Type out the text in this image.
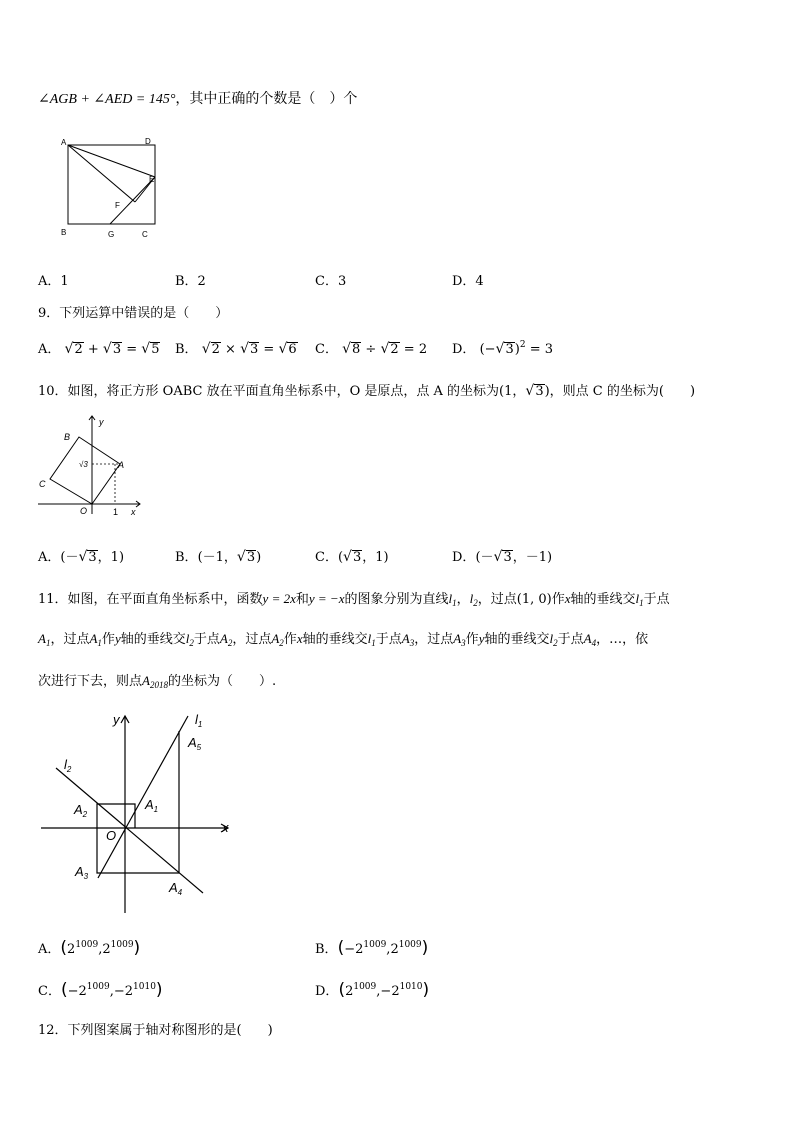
∠AGB + ∠AED = 145°，其中正确的个数是（　）个
A	D
E
F
B	G	C
A．1	B．2	C．3	D．4
9．下列运算中错误的是（　　）
A． √2 + √3 = √5 B． √2 × √3 = √6 C． √8 ÷ √2 = 2 D． $(-√3)^2 = 3$
10．如图，将正方形 OABC 放在平面直角坐标系中，O 是原点，点 A 的坐标为(1，√3)，则点 C 的坐标为(　　)
y
B
√3	A
C
O	1 x
A．(－√3，1)	B．(－1，√3)	C．(√3，1)	D．(－√3，－1)
11．如图，在平面直角坐标系中，函数y = 2x和y = −x的图象分别为直线$l_1$，$l_2$，过点(1, 0)作x轴的垂线交$l_1$于点
$A_1$，过点$A_1$作y轴的垂线交$l_2$于点$A_2$，过点$A_2$作x轴的垂线交$l_1$于点$A_3$，过点$A_3$作y轴的垂线交$l_2$于点$A_4$，…，依
次进行下去，则点$A_{2018}$的坐标为（　　）.
y	$l_1$
$A_5$
$l_2$
$A_2$
$A_1$
O
x
$A_3$
$A_4$
A．$(2^{1009},2^{1009})$	B．$(-2^{1009},2^{1009})$
C．$(-2^{1009},-2^{1010})$	D．$(2^{1009},-2^{1010})$
12．下列图案属于轴对称图形的是(　　)
